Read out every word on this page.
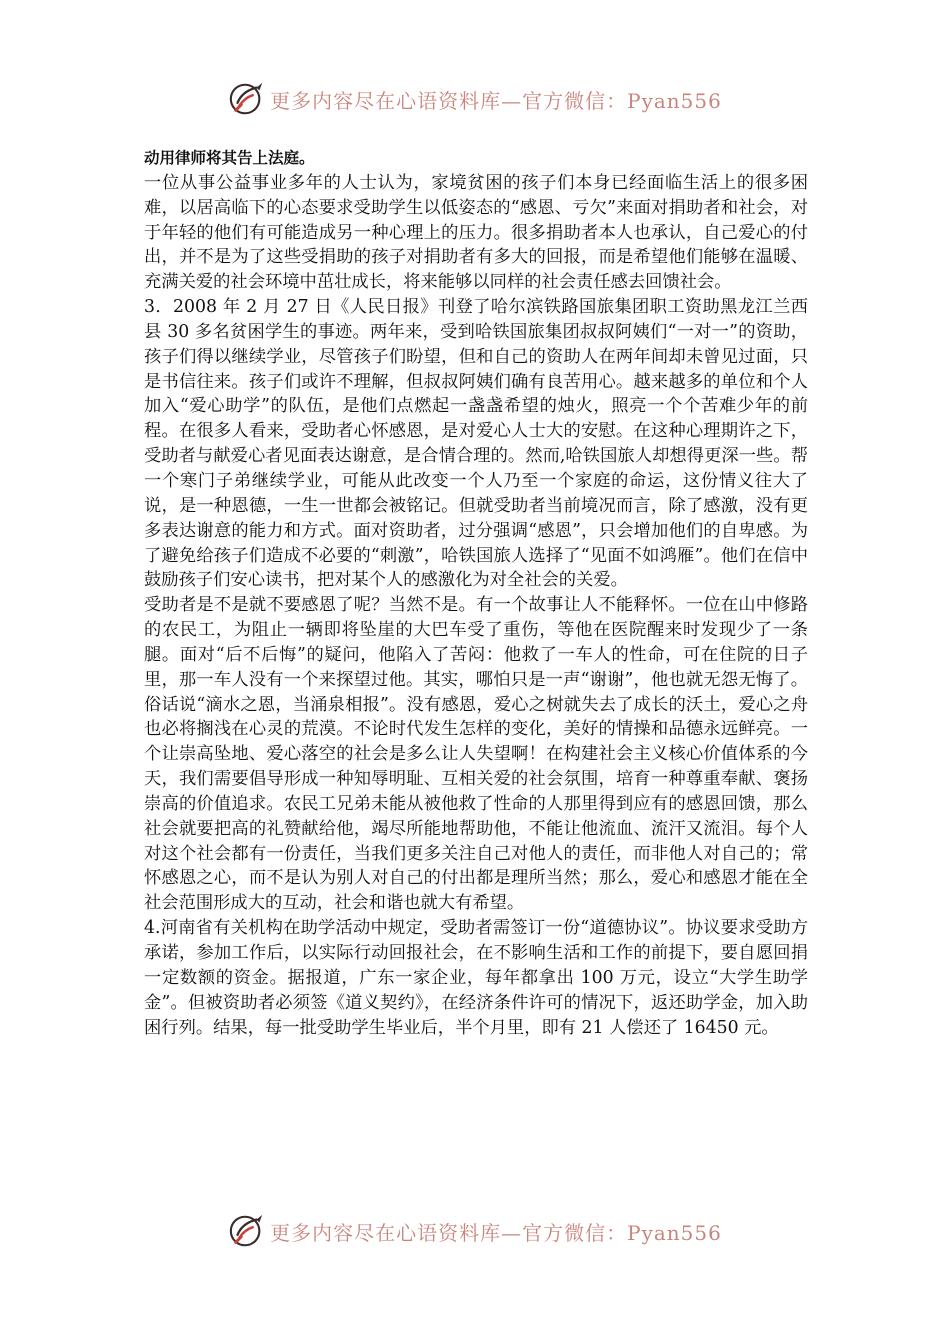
更多内容尽在心语资料库—官方微信：Pyan556

动用律师将其告上法庭。

一位从事公益事业多年的人士认为，家境贫困的孩子们本身已经面临生活上的很多困难，以居高临下的心态要求受助学生以低姿态的“感恩、亏欠”来面对捐助者和社会，对于年轻的他们有可能造成另一种心理上的压力。很多捐助者本人也承认，自己爱心的付出，并不是为了这些受捐助的孩子对捐助者有多大的回报，而是希望他们能够在温暖、充满关爱的社会环境中茁壮成长，将来能够以同样的社会责任感去回馈社会。

3．2008 年 2 月 27 日《人民日报》刊登了哈尔滨铁路国旅集团职工资助黑龙江兰西县 30 多名贫困学生的事迹。两年来，受到哈铁国旅集团叔叔阿姨们“一对一”的资助，孩子们得以继续学业，尽管孩子们盼望，但和自己的资助人在两年间却未曾见过面，只是书信往来。孩子们或许不理解，但叔叔阿姨们确有良苦用心。越来越多的单位和个人加入“爱心助学”的队伍，是他们点燃起一盏盏希望的烛火，照亮一个个苦难少年的前程。在很多人看来，受助者心怀感恩，是对爱心人士大的安慰。在这种心理期许之下，受助者与献爱心者见面表达谢意，是合情合理的。然而,哈铁国旅人却想得更深一些。帮一个寒门子弟继续学业，可能从此改变一个人乃至一个家庭的命运，这份情义往大了说，是一种恩德，一生一世都会被铭记。但就受助者当前境况而言，除了感激，没有更多表达谢意的能力和方式。面对资助者，过分强调“感恩”，只会增加他们的自卑感。为了避免给孩子们造成不必要的“刺激”，哈铁国旅人选择了“见面不如鸿雁”。他们在信中鼓励孩子们安心读书，把对某个人的感激化为对全社会的关爱。

受助者是不是就不要感恩了呢？当然不是。有一个故事让人不能释怀。一位在山中修路的农民工，为阻止一辆即将坠崖的大巴车受了重伤，等他在医院醒来时发现少了一条腿。面对“后不后悔”的疑问，他陷入了苦闷：他救了一车人的性命，可在住院的日子里，那一车人没有一个来探望过他。其实，哪怕只是一声“谢谢”，他也就无怨无悔了。俗话说“滴水之恩，当涌泉相报”。没有感恩，爱心之树就失去了成长的沃土，爱心之舟也必将搁浅在心灵的荒漠。不论时代发生怎样的变化，美好的情操和品德永远鲜亮。一个让崇高坠地、爱心落空的社会是多么让人失望啊！在构建社会主义核心价值体系的今天，我们需要倡导形成一种知辱明耻、互相关爱的社会氛围，培育一种尊重奉献、褒扬崇高的价值追求。农民工兄弟未能从被他救了性命的人那里得到应有的感恩回馈，那么社会就要把高的礼赞献给他，竭尽所能地帮助他，不能让他流血、流汗又流泪。每个人对这个社会都有一份责任，当我们更多关注自己对他人的责任，而非他人对自己的；常怀感恩之心，而不是认为别人对自己的付出都是理所当然；那么，爱心和感恩才能在全社会范围形成大的互动，社会和谐也就大有希望。

4.河南省有关机构在助学活动中规定，受助者需签订一份“道德协议”。协议要求受助方承诺，参加工作后，以实际行动回报社会，在不影响生活和工作的前提下，要自愿回捐一定数额的资金。据报道，广东一家企业，每年都拿出 100 万元，设立“大学生助学金”。但被资助者必须签《道义契约》，在经济条件许可的情况下，返还助学金，加入助困行列。结果，每一批受助学生毕业后，半个月里，即有 21 人偿还了 16450 元。

更多内容尽在心语资料库—官方微信：Pyan556
